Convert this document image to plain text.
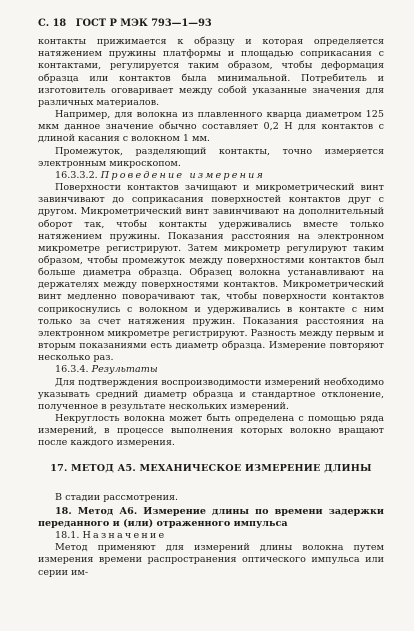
С. 18 ГОСТ Р МЭК 793—1—93

контакты прижимается к образцу и которая определяется натяжением пружины платформы и площадью соприкасания с контактами, регулируется таким образом, чтобы деформация образца или контактов была минимальной. Потребитель и изготовитель оговаривает между собой указанные значения для различных материалов.

Например, для волокна из плавленного кварца диаметром 125 мкм данное значение обычно составляет 0,2 Н для контактов с длиной касания с волокном 1 мм.

Промежуток, разделяющий контакты, точно измеряется электронным микроскопом.

16.3.3.2. Проведение измерения

Поверхности контактов зачищают и микрометрический винт завинчивают до соприкасания поверхностей контактов друг с другом. Микрометрический винт завинчивают на дополнительный оборот так, чтобы контакты удерживались вместе только натяжением пружины. Показания расстояния на электронном микрометре регистрируют. Затем микрометр регулируют таким образом, чтобы промежуток между поверхностями контактов был больше диаметра образца. Образец волокна устанавливают на держателях между поверхностями контактов. Микрометрический винт медленно поворачивают так, чтобы поверхности контактов соприкоснулись с волокном и удерживались в контакте с ним только за счет натяжения пружин. Показания расстояния на электронном микрометре регистрируют. Разность между первым и вторым показаниями есть диаметр образца. Измерение повторяют несколько раз.

16.3.4. Результаты

Для подтверждения воспроизводимости измерений необходимо указывать средний диаметр образца и стандартное отклонение, полученное в результате нескольких измерений.

Некруглость волокна может быть определена с помощью ряда измерений, в процессе выполнения которых волокно вращают после каждого измерения.

17. МЕТОД А5. МЕХАНИЧЕСКОЕ ИЗМЕРЕНИЕ ДЛИНЫ

В стадии рассмотрения.

18. Метод А6. Измерение длины по времени задержки переданного и (или) отраженного импульса

18.1. Назначение

Метод применяют для измерений длины волокна путем измерения времени распространения оптического импульса или серии им-
